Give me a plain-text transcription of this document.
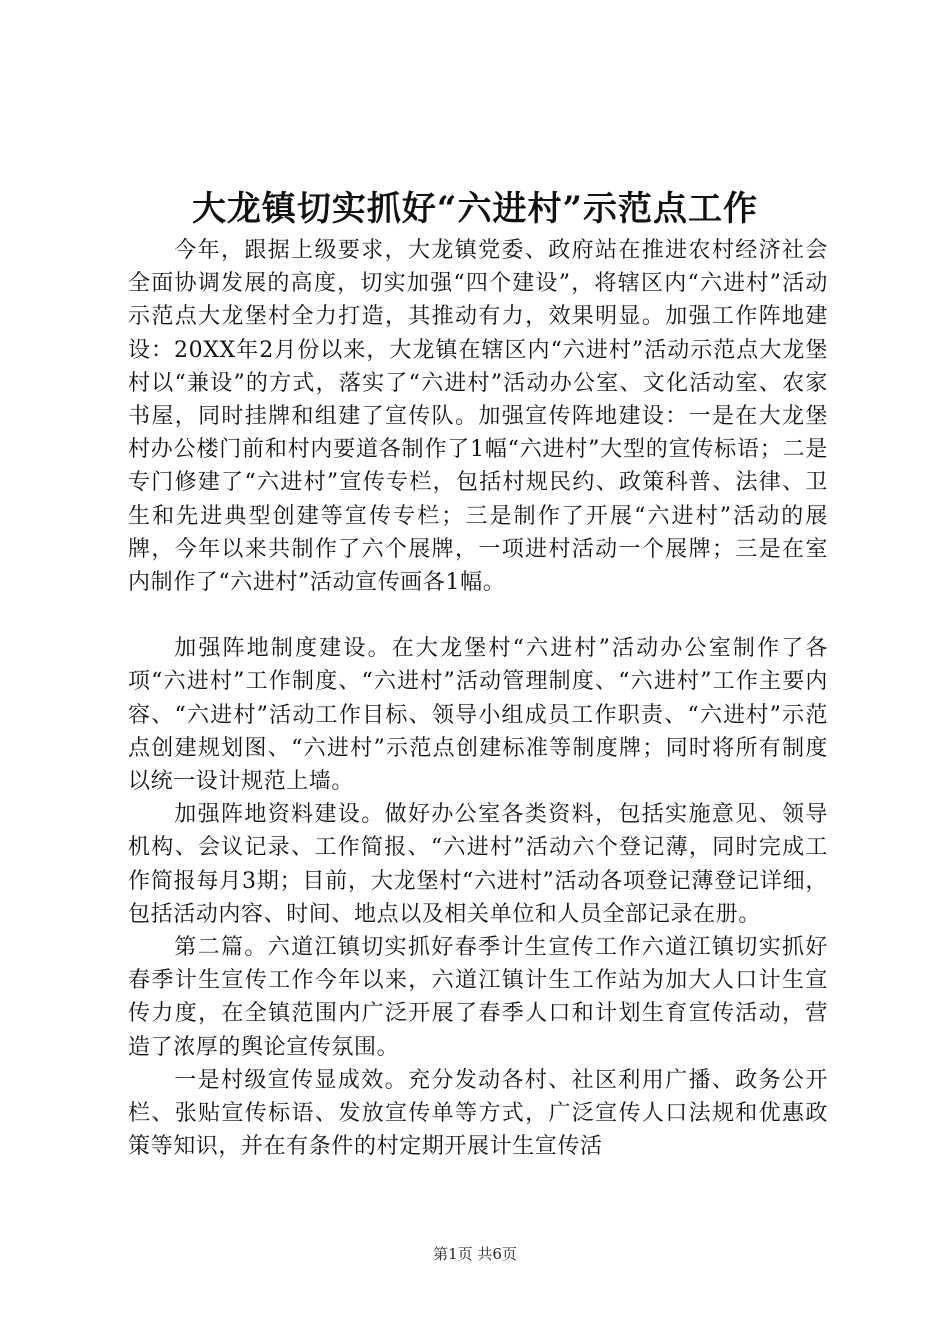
大龙镇切实抓好“六进村”示范点工作

今年，跟据上级要求，大龙镇党委、政府站在推进农村经济社会全面协调发展的高度，切实加强“四个建设”，将辖区内“六进村”活动示范点大龙堡村全力打造，其推动有力，效果明显。加强工作阵地建设：20XX年2月份以来，大龙镇在辖区内“六进村”活动示范点大龙堡村以“兼设”的方式，落实了“六进村”活动办公室、文化活动室、农家书屋，同时挂牌和组建了宣传队。加强宣传阵地建设：一是在大龙堡村办公楼门前和村内要道各制作了1幅“六进村”大型的宣传标语；二是专门修建了“六进村”宣传专栏，包括村规民约、政策科普、法律、卫生和先进典型创建等宣传专栏；三是制作了开展“六进村”活动的展牌，今年以来共制作了六个展牌，一项进村活动一个展牌；三是在室内制作了“六进村”活动宣传画各1幅。

加强阵地制度建设。在大龙堡村“六进村”活动办公室制作了各项“六进村”工作制度、“六进村”活动管理制度、“六进村”工作主要内容、“六进村”活动工作目标、领导小组成员工作职责、“六进村”示范点创建规划图、“六进村”示范点创建标准等制度牌；同时将所有制度以统一设计规范上墙。

加强阵地资料建设。做好办公室各类资料，包括实施意见、领导机构、会议记录、工作简报、“六进村”活动六个登记薄，同时完成工作简报每月3期；目前，大龙堡村“六进村”活动各项登记薄登记详细，包括活动内容、时间、地点以及相关单位和人员全部记录在册。

第二篇。六道江镇切实抓好春季计生宣传工作六道江镇切实抓好春季计生宣传工作今年以来，六道江镇计生工作站为加大人口计生宣传力度，在全镇范围内广泛开展了春季人口和计划生育宣传活动，营造了浓厚的舆论宣传氛围。

一是村级宣传显成效。充分发动各村、社区利用广播、政务公开栏、张贴宣传标语、发放宣传单等方式，广泛宣传人口法规和优惠政策等知识，并在有条件的村定期开展计生宣传活

第1页 共6页
